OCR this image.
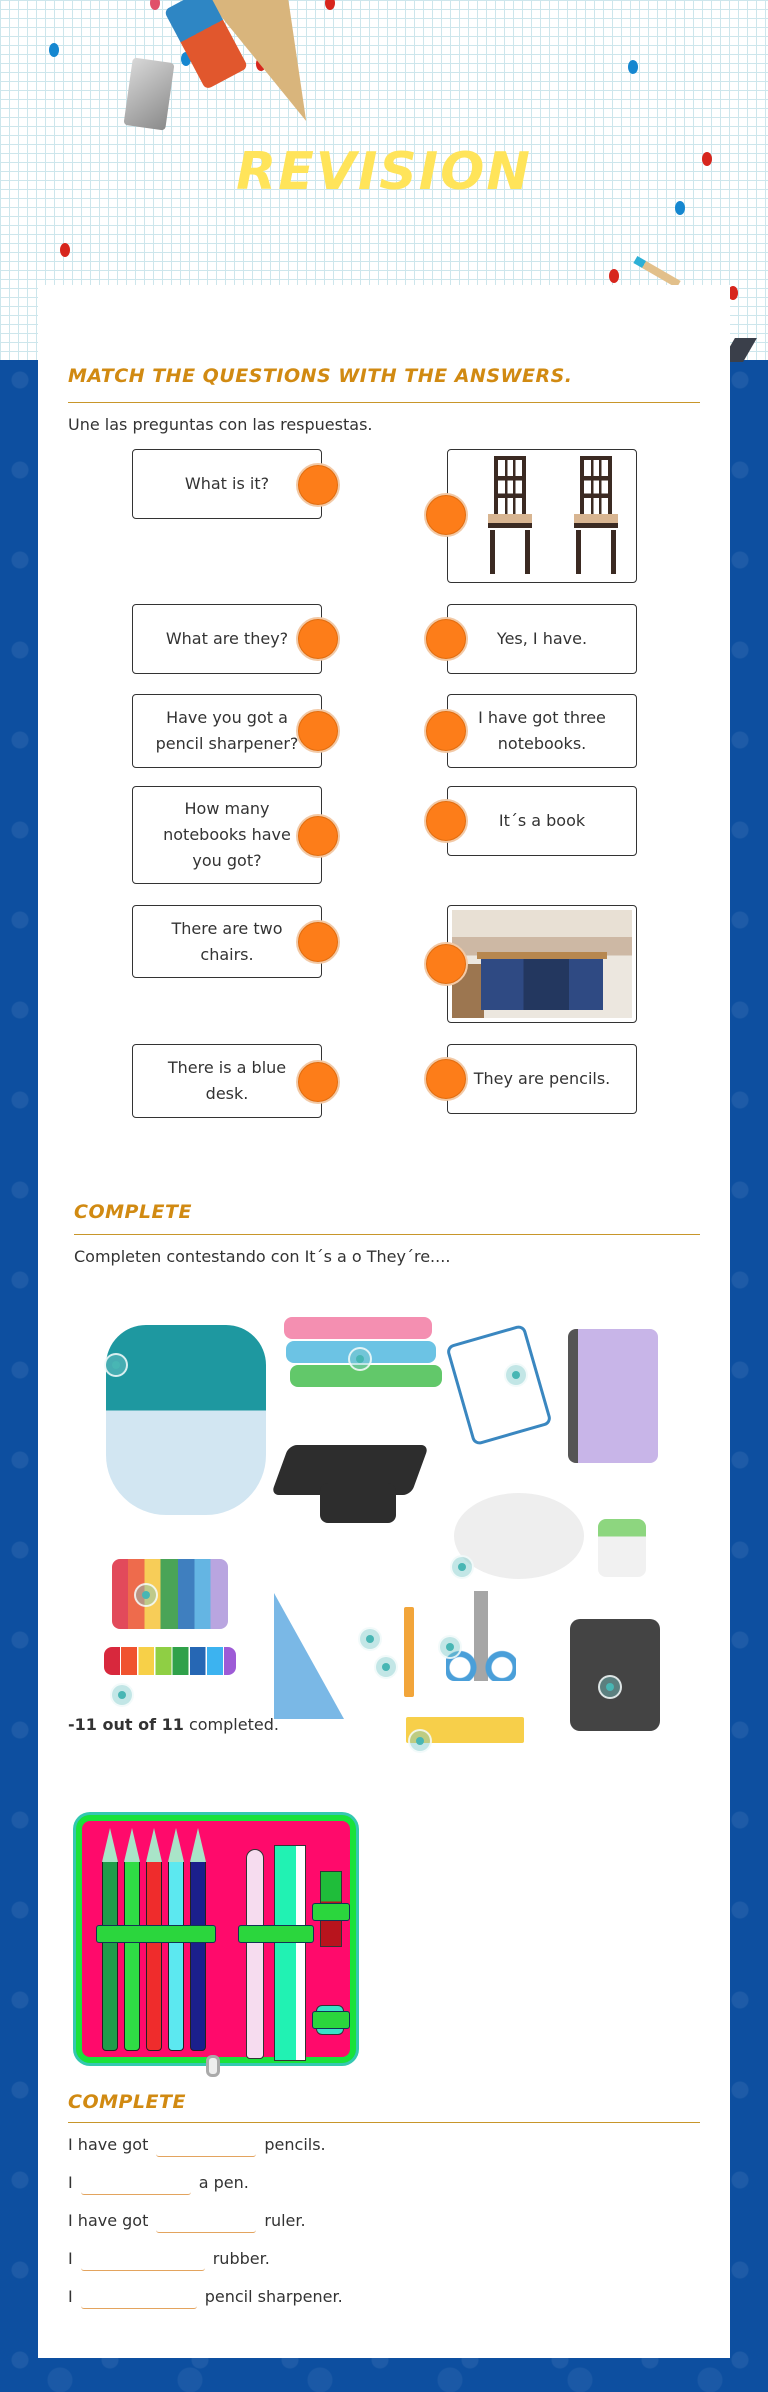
REVISION
MATCH THE QUESTIONS WITH THE ANSWERS.
Une las preguntas con las respuestas.
What is it?
What are they?
Have you got a pencil sharpener?
How many notebooks have you got?
There are two chairs.
There is a blue desk.
Yes, I have.
I have got three notebooks.
It´s a book
They are pencils.
COMPLETE
Completen contestando con It´s a o They´re....
-11 out of 11 completed.
COMPLETE
I have got	pencils.
I	a pen.
I have got	ruler.
I	rubber.
I	pencil sharpener.
